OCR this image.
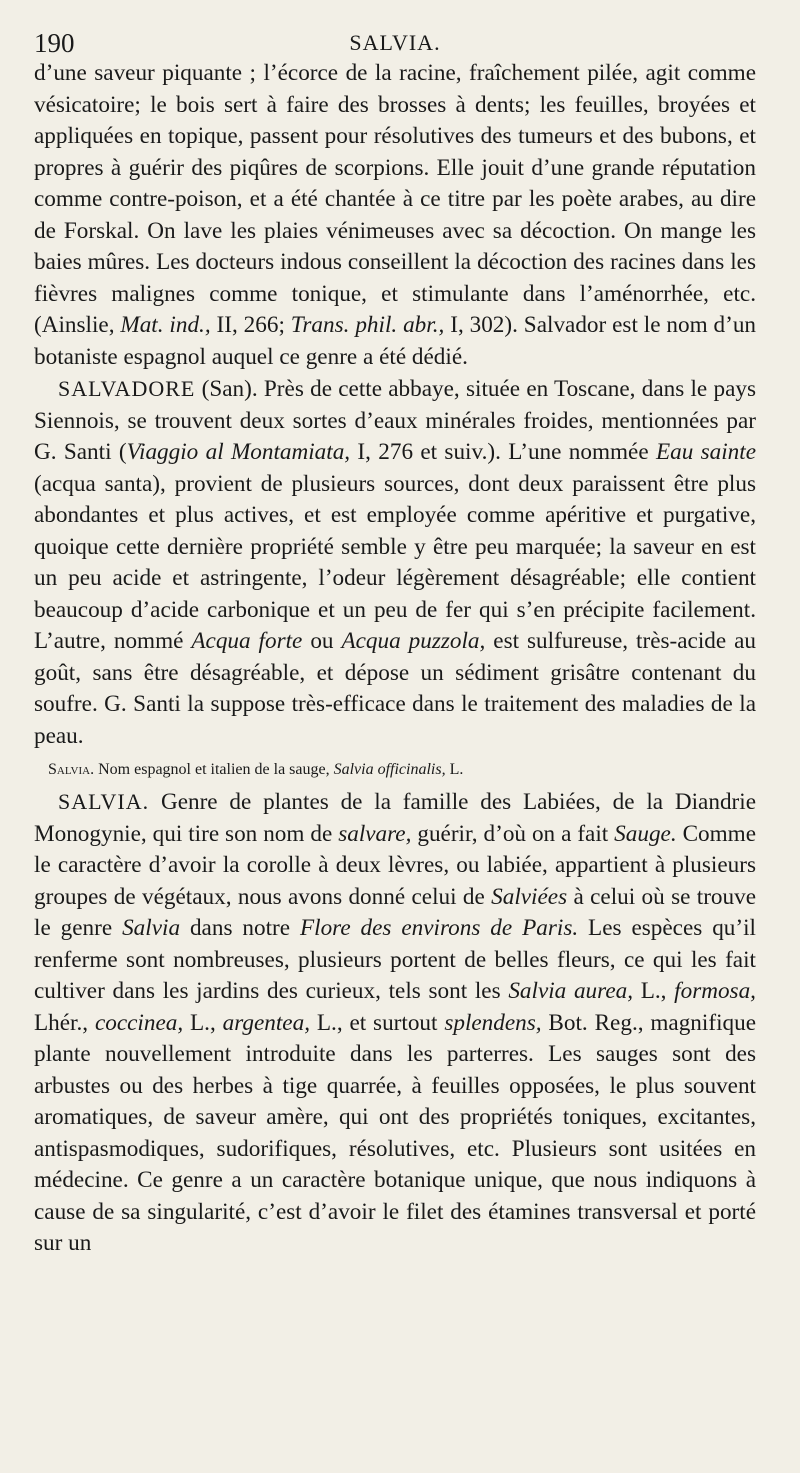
190	SALVIA.

d’une saveur piquante ; l’écorce de la racine, fraîchement pilée, agit comme vésicatoire; le bois sert à faire des brosses à dents; les feuilles, broyées et appliquées en topique, passent pour résolutives des tumeurs et des bubons, et propres à guérir des piqûres de scorpions. Elle jouit d’une grande réputation comme contre-poison, et a été chantée à ce titre par les poète arabes, au dire de Forskal. On lave les plaies vénimeuses avec sa décoction. On mange les baies mûres. Les docteurs indous conseillent la décoction des racines dans les fièvres malignes comme tonique, et stimulante dans l’aménorrhée, etc. (Ainslie, Mat. ind., II, 266; Trans. phil. abr., I, 302). Salvador est le nom d’un botaniste espagnol auquel ce genre a été dédié.

SALVADORE (San). Près de cette abbaye, située en Toscane, dans le pays Siennois, se trouvent deux sortes d’eaux minérales froides, mentionnées par G. Santi (Viaggio al Montamiata, I, 276 et suiv.). L’une nommée Eau sainte (acqua santa), provient de plusieurs sources, dont deux paraissent être plus abondantes et plus actives, et est employée comme apéritive et purgative, quoique cette dernière propriété semble y être peu marquée; la saveur en est un peu acide et astringente, l’odeur légèrement désagréable; elle contient beaucoup d’acide carbonique et un peu de fer qui s’en précipite facilement. L’autre, nommé Acqua forte ou Acqua puzzola, est sulfureuse, très-acide au goût, sans être désagréable, et dépose un sédiment grisâtre contenant du soufre. G. Santi la suppose très-efficace dans le traitement des maladies de la peau.

Salvia. Nom espagnol et italien de la sauge, Salvia officinalis, L.

SALVIA. Genre de plantes de la famille des Labiées, de la Diandrie Monogynie, qui tire son nom de salvare, guérir, d’où on a fait Sauge. Comme le caractère d’avoir la corolle à deux lèvres, ou labiée, appartient à plusieurs groupes de végétaux, nous avons donné celui de Salviées à celui où se trouve le genre Salvia dans notre Flore des environs de Paris. Les espèces qu’il renferme sont nombreuses, plusieurs portent de belles fleurs, ce qui les fait cultiver dans les jardins des curieux, tels sont les Salvia aurea, L., formosa, Lhér., coccinea, L., argentea, L., et surtout splendens, Bot. Reg., magnifique plante nouvellement introduite dans les parterres. Les sauges sont des arbustes ou des herbes à tige quarrée, à feuilles opposées, le plus souvent aromatiques, de saveur amère, qui ont des propriétés toniques, excitantes, antispasmodiques, sudorifiques, résolutives, etc. Plusieurs sont usitées en médecine. Ce genre a un caractère botanique unique, que nous indiquons à cause de sa singularité, c’est d’avoir le filet des étamines transversal et porté sur un
